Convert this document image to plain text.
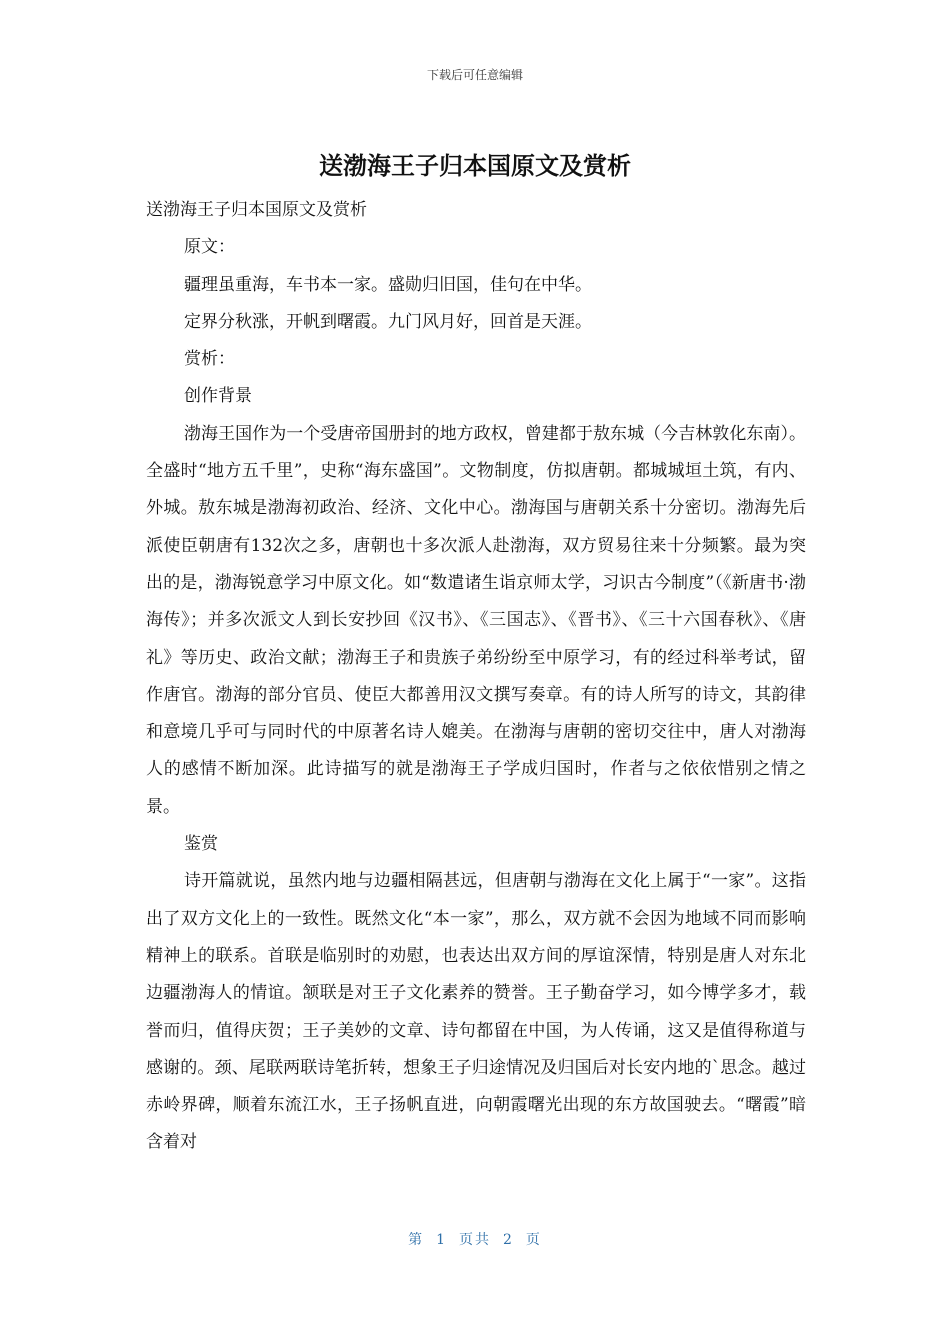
下载后可任意编辑
送渤海王子归本国原文及赏析

送渤海王子归本国原文及赏析

原文：

疆理虽重海，车书本一家。盛勋归旧国，佳句在中华。

定界分秋涨，开帆到曙霞。九门风月好，回首是天涯。

赏析：

创作背景

渤海王国作为一个受唐帝国册封的地方政权，曾建都于敖东城（今吉林敦化东南）。全盛时“地方五千里”，史称“海东盛国”。文物制度，仿拟唐朝。都城城垣土筑，有内、外城。敖东城是渤海初政治、经济、文化中心。渤海国与唐朝关系十分密切。渤海先后派使臣朝唐有132次之多，唐朝也十多次派人赴渤海，双方贸易往来十分频繁。最为突出的是，渤海锐意学习中原文化。如“数遣诸生诣京师太学，习识古今制度”（《新唐书·渤海传》；并多次派文人到长安抄回《汉书》、《三国志》、《晋书》、《三十六国春秋》、《唐礼》等历史、政治文献；渤海王子和贵族子弟纷纷至中原学习，有的经过科举考试，留作唐官。渤海的部分官员、使臣大都善用汉文撰写奏章。有的诗人所写的诗文，其韵律和意境几乎可与同时代的中原著名诗人媲美。在渤海与唐朝的密切交往中，唐人对渤海人的感情不断加深。此诗描写的就是渤海王子学成归国时，作者与之依依惜别之情之景。

鉴赏

诗开篇就说，虽然内地与边疆相隔甚远，但唐朝与渤海在文化上属于“一家”。这指出了双方文化上的一致性。既然文化“本一家”，那么，双方就不会因为地域不同而影响精神上的联系。首联是临别时的劝慰，也表达出双方间的厚谊深情，特别是唐人对东北边疆渤海人的情谊。颔联是对王子文化素养的赞誉。王子勤奋学习，如今博学多才，载誉而归，值得庆贺；王子美妙的文章、诗句都留在中国，为人传诵，这又是值得称道与感谢的。颈、尾联两联诗笔折转，想象王子归途情况及归国后对长安内地的`思念。越过赤岭界碑，顺着东流江水，王子扬帆直进，向朝霞曙光出现的东方故国驶去。“曙霞”暗含着对

第 1 页共 2 页
